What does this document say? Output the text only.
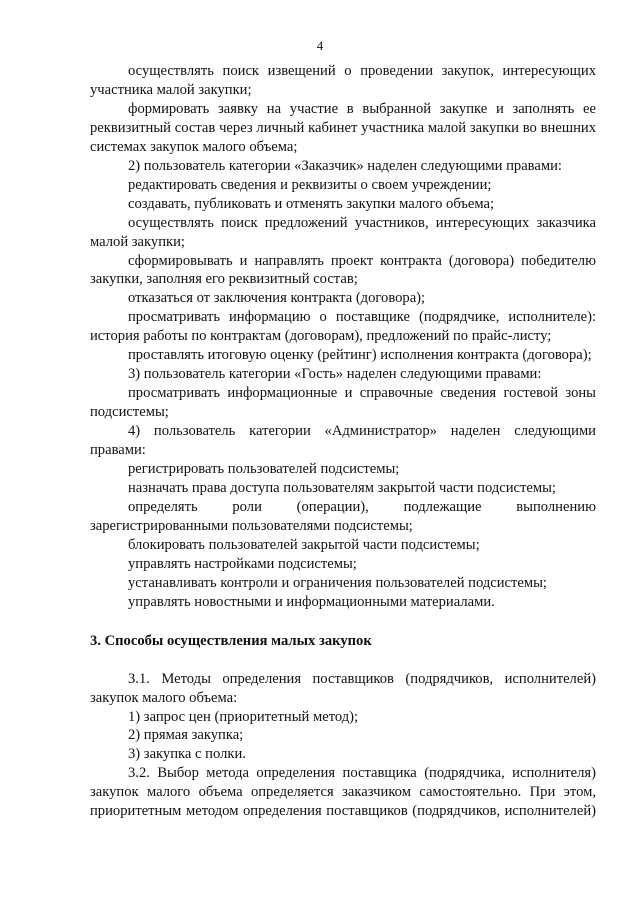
4

осуществлять поиск извещений о проведении закупок, интересующих участника малой закупки;

формировать заявку на участие в выбранной закупке и заполнять ее реквизитный состав через личный кабинет участника малой закупки во внешних системах закупок малого объема;

2) пользователь категории «Заказчик» наделен следующими правами:

редактировать сведения и реквизиты о своем учреждении;

создавать, публиковать и отменять закупки малого объема;

осуществлять поиск предложений участников, интересующих заказчика малой закупки;

сформировывать и направлять проект контракта (договора) победителю закупки, заполняя его реквизитный состав;

отказаться от заключения контракта (договора);

просматривать информацию о поставщике (подрядчике, исполнителе): история работы по контрактам (договорам), предложений по прайс-листу;

проставлять итоговую оценку (рейтинг) исполнения контракта (договора);

3) пользователь категории «Гость» наделен следующими правами:

просматривать информационные и справочные сведения гостевой зоны подсистемы;

4) пользователь категории «Администратор» наделен следующими правами:

регистрировать пользователей подсистемы;

назначать права доступа пользователям закрытой части подсистемы;

определять роли (операции), подлежащие выполнению зарегистрированными пользователями подсистемы;

блокировать пользователей закрытой части подсистемы;

управлять настройками подсистемы;

устанавливать контроли и ограничения пользователей подсистемы;

управлять новостными и информационными материалами.

3. Способы осуществления малых закупок

3.1. Методы определения поставщиков (подрядчиков, исполнителей) закупок малого объема:

1) запрос цен (приоритетный метод);

2) прямая закупка;

3) закупка с полки.

3.2. Выбор метода определения поставщика (подрядчика, исполнителя) закупок малого объема определяется заказчиком самостоятельно. При этом, приоритетным методом определения поставщиков (подрядчиков, исполнителей)
